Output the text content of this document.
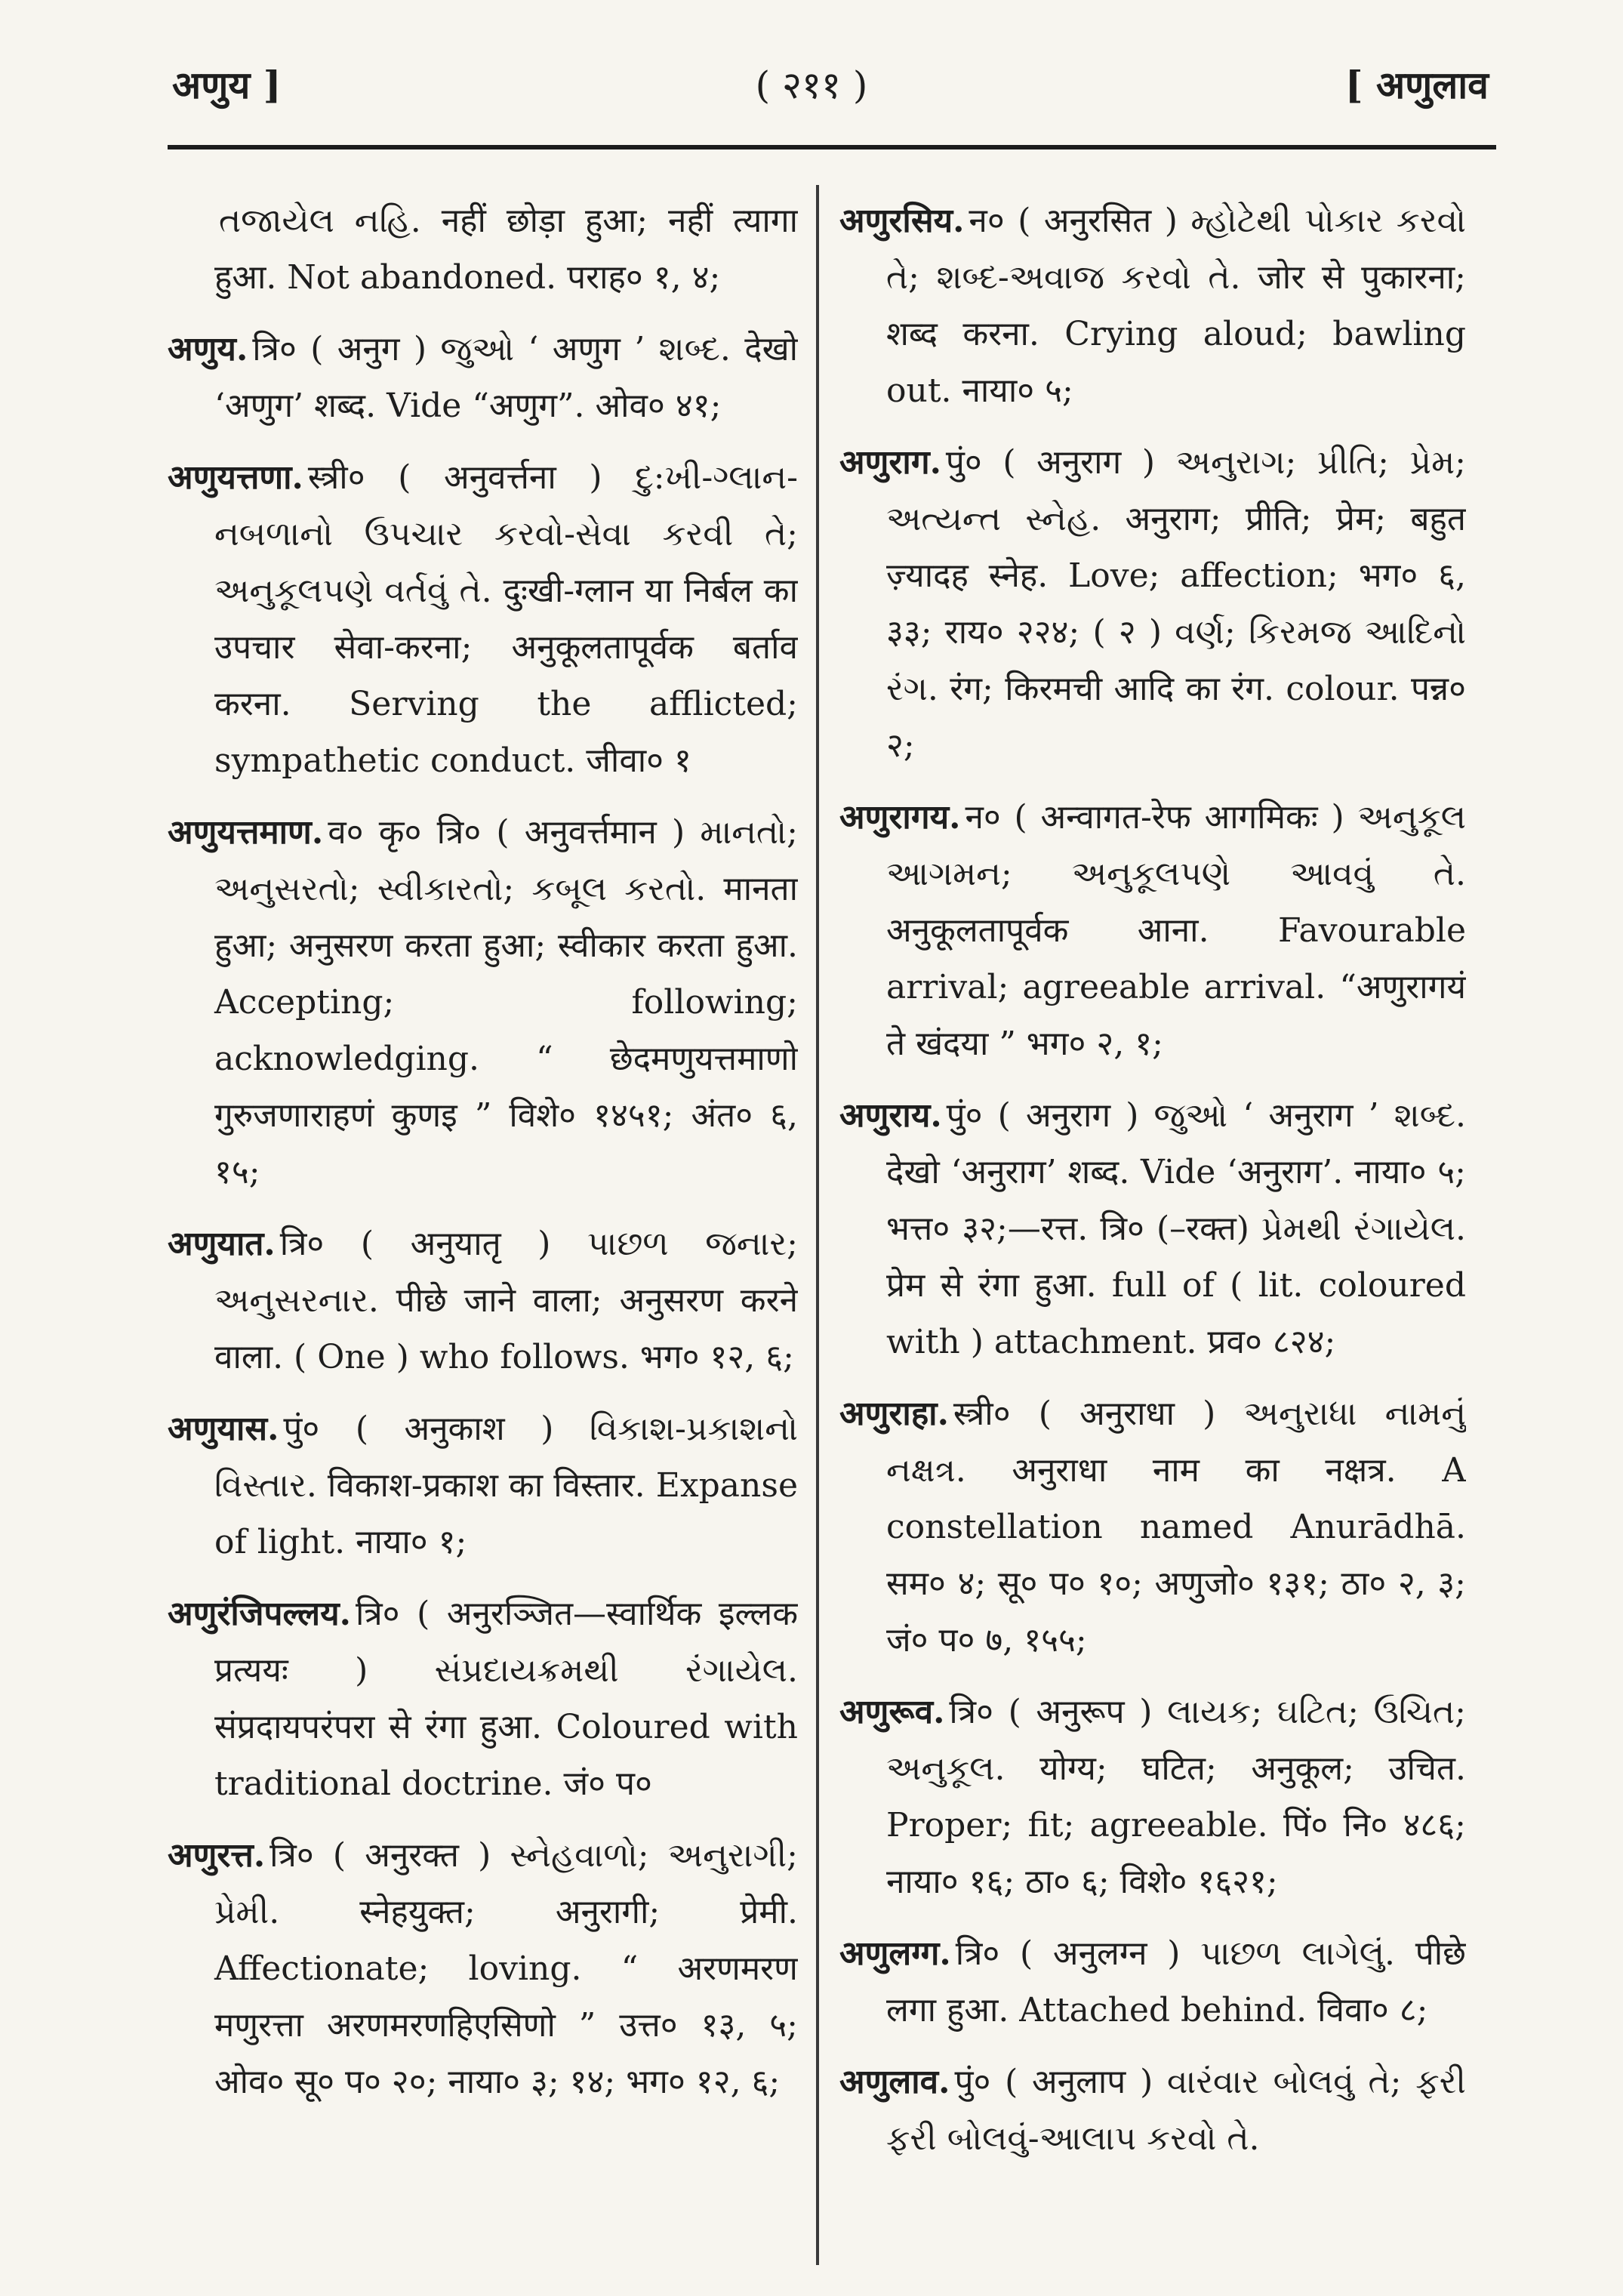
अणुय ]	( २११ )	[ अणुलाव

તજાયેલ નહિ. नहीं छोड़ा हुआ; नहीं त्यागा हुआ. Not abandoned. पराह० १, ४;

अणुय. त्रि० ( अनुग ) જુઓ ‘ अणुग ’ શબ્દ. देखो ‘अणुग’ शब्द. Vide “अणुग”. ओव० ४१;

अणुयत्तणा. स्त्री० ( अनुवर्त्तना ) દુ:ખી-ગ્લાન-નબળાનો ઉપચાર કરવો-સેવા કરવી તે; અનુકૂલપણે વર્તવું તે. दुःखी-ग्लान या निर्बल का उपचार सेवा-करना; अनुकूलतापूर्वक बर्ताव करना. Serving the afflicted; sympathetic conduct. जीवा० १

अणुयत्तमाण. व० कृ० त्रि० ( अनुवर्त्तमान ) માનતો; અનુસરતો; સ્વીકારતો; કબૂલ કરતો. मानता हुआ; अनुसरण करता हुआ; स्वीकार करता हुआ. Accepting; following; acknowledging. “ छेदमणुयत्तमाणो गुरुजणाराहणं कुणइ ” विशे० १४५१; अंत० ६, १५;

अणुयात. त्रि० ( अनुयातृ ) પાછળ જનાર; અનુસરનાર. पीछे जाने वाला; अनुसरण करने वाला. ( One ) who follows. भग० १२, ६;

अणुयास. पुं० ( अनुकाश ) વિકાશ-પ્રકાશનો વિસ્તાર. विकाश-प्रकाश का विस्तार. Expanse of light. नाया० १;

अणुरंजिपल्लय. त्रि० ( अनुरञ्जित—स्वार्थिक इल्लक प्रत्ययः ) સંપ્રદાયક્રમથી રંગાયેલ. संप्रदायपरंपरा से रंगा हुआ. Coloured with traditional doctrine. जं० प०

अणुरत्त. त्रि० ( अनुरक्त ) સ્નેહવાળો; અનુરાગી; પ્રેમી. स्नेहयुक्त; अनुरागी; प्रेमी. Affectionate; loving. “ अरणमरण मणुरत्ता अरणमरणहिएसिणो ” उत्त० १३, ५; ओव० सू० प० २०; नाया० ३; १४; भग० १२, ६;

अणुरसिय. न० ( अनुरसित ) મ્હોટેથી પોકાર કરવો તે; શબ્દ-અવાજ કરવો તે. जोर से पुकारना; शब्द करना. Crying aloud; bawling out. नाया० ५;

अणुराग. पुं० ( अनुराग ) અનુરાગ; પ્રીતિ; પ્રેમ; અત્યન્ત સ્નેહ. अनुराग; प्रीति; प्रेम; बहुत ज़्यादह स्नेह. Love; affection; भग० ६, ३३; राय० २२४; ( २ ) વર્ણ; કિરમજ આદિનો રંગ. रंग; किरमची आदि का रंग. colour. पन्न० २;

अणुरागय. न० ( अन्वागत-रेफ आगमिकः ) અનુકૂલ આગમન; અનુકૂલપણે આવવું તે. अनुकूलतापूर्वक आना. Favourable arrival; agreeable arrival. “अणुरागयं ते खंदया ” भग० २, १;

अणुराय. पुं० ( अनुराग ) જુઓ ‘ अनुराग ’ શબ્દ. देखो ‘अनुराग’ शब्द. Vide ‘अनुराग’. नाया० ५; भत्त० ३२;—रत्त. त्रि० (–रक्त) પ્રેમથી રંગાયેલ. प्रेम से रंगा हुआ. full of ( lit. coloured with ) attachment. प्रव० ८२४;

अणुराहा. स्त्री० ( अनुराधा ) અનુરાધા નામનું નક્ષત્ર. अनुराधा नाम का नक्षत्र. A constellation named Anurādhā. सम० ४; सू० प० १०; अणुजो० १३१; ठा० २, ३; जं० प० ७, १५५;

अणुरूव. त्रि० ( अनुरूप ) લાયક; ઘટિત; ઉચિત; અનુકૂલ. योग्य; घटित; अनुकूल; उचित. Proper; fit; agreeable. पिं० नि० ४८६; नाया० १६; ठा० ६; विशे० १६२१;

अणुलग्ग. त्रि० ( अनुलग्न ) પાછળ લાગેલું. पीछे लगा हुआ. Attached behind. विवा० ८;

अणुलाव. पुं० ( अनुलाप ) વારંવાર બોલવું તે; ફરી ફરી બોલવું-આલાપ કરવો તે.
